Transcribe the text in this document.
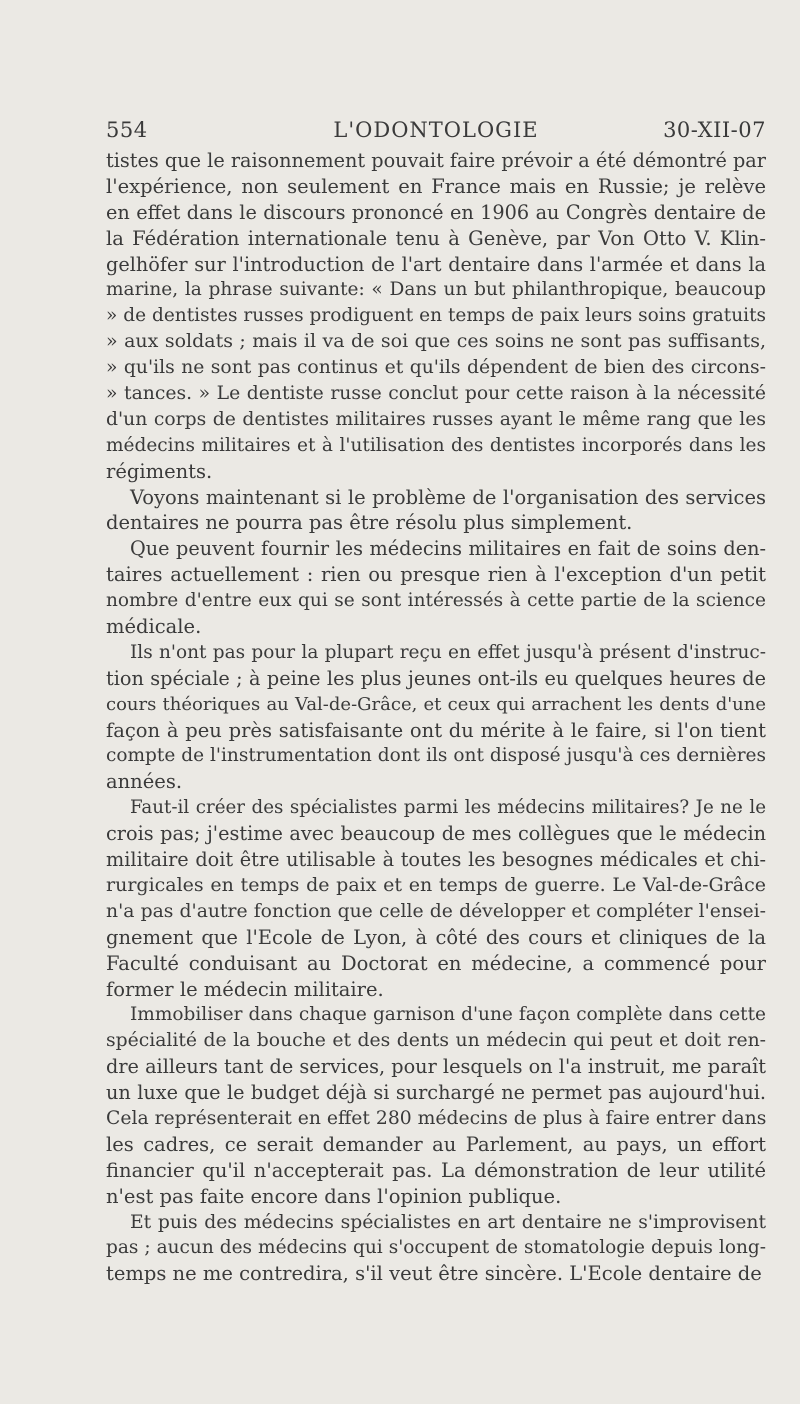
554	L'ODONTOLOGIE	30-XII-07
tistes que le raisonnement pouvait faire prévoir a été démontré par
l'expérience, non seulement en France mais en Russie; je relève
en effet dans le discours prononcé en 1906 au Congrès dentaire de
la Fédération internationale tenu à Genève, par Von Otto V. Klin-
gelhöfer sur l'introduction de l'art dentaire dans l'armée et dans la
marine, la phrase suivante: « Dans un but philanthropique, beaucoup
» de dentistes russes prodiguent en temps de paix leurs soins gratuits
» aux soldats ; mais il va de soi que ces soins ne sont pas suffisants,
» qu'ils ne sont pas continus et qu'ils dépendent de bien des circons-
» tances. » Le dentiste russe conclut pour cette raison à la nécessité
d'un corps de dentistes militaires russes ayant le même rang que les
médecins militaires et à l'utilisation des dentistes incorporés dans les
régiments.
Voyons maintenant si le problème de l'organisation des services
dentaires ne pourra pas être résolu plus simplement.
Que peuvent fournir les médecins militaires en fait de soins den-
taires actuellement : rien ou presque rien à l'exception d'un petit
nombre d'entre eux qui se sont intéressés à cette partie de la science
médicale.
Ils n'ont pas pour la plupart reçu en effet jusqu'à présent d'instruc-
tion spéciale ; à peine les plus jeunes ont-ils eu quelques heures de
cours théoriques au Val-de-Grâce, et ceux qui arrachent les dents d'une
façon à peu près satisfaisante ont du mérite à le faire, si l'on tient
compte de l'instrumentation dont ils ont disposé jusqu'à ces dernières
années.
Faut-il créer des spécialistes parmi les médecins militaires? Je ne le
crois pas; j'estime avec beaucoup de mes collègues que le médecin
militaire doit être utilisable à toutes les besognes médicales et chi-
rurgicales en temps de paix et en temps de guerre. Le Val-de-Grâce
n'a pas d'autre fonction que celle de développer et compléter l'ensei-
gnement que l'Ecole de Lyon, à côté des cours et cliniques de la
Faculté conduisant au Doctorat en médecine, a commencé pour
former le médecin militaire.
Immobiliser dans chaque garnison d'une façon complète dans cette
spécialité de la bouche et des dents un médecin qui peut et doit ren-
dre ailleurs tant de services, pour lesquels on l'a instruit, me paraît
un luxe que le budget déjà si surchargé ne permet pas aujourd'hui.
Cela représenterait en effet 280 médecins de plus à faire entrer dans
les cadres, ce serait demander au Parlement, au pays, un effort
financier qu'il n'accepterait pas. La démonstration de leur utilité
n'est pas faite encore dans l'opinion publique.
Et puis des médecins spécialistes en art dentaire ne s'improvisent
pas ; aucun des médecins qui s'occupent de stomatologie depuis long-
temps ne me contredira, s'il veut être sincère. L'Ecole dentaire de
